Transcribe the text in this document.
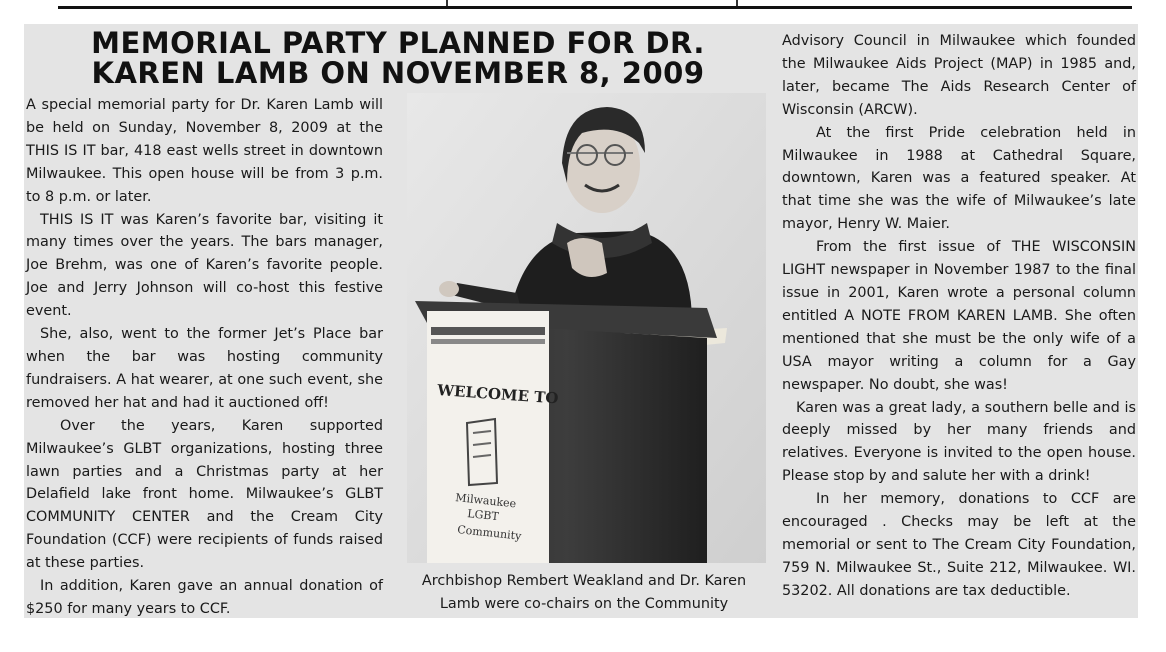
MEMORIAL PARTY PLANNED FOR DR.
KAREN LAMB ON NOVEMBER 8, 2009

A special memorial party for Dr. Karen Lamb will be held on Sunday, November 8, 2009 at the THIS IS IT bar, 418 east wells street in downtown Milwaukee. This open house will be from 3 p.m. to 8 p.m. or later.

THIS IS IT was Karen’s favorite bar, visiting it many times over the years. The bars manager, Joe Brehm, was one of Karen’s favorite people. Joe and Jerry Johnson will co-host this festive event.

She, also, went to the former Jet’s Place bar when the bar was hosting community fundraisers. A hat wearer, at one such event, she removed her hat and had it auctioned off!

Over the years, Karen supported Milwaukee’s GLBT organizations, hosting three lawn parties and a Christmas party at her Delafield lake front home. Milwaukee’s GLBT COMMUNITY CENTER and the Cream City Foundation (CCF) were recipients of funds raised at these parties.

In addition, Karen gave an annual donation of $250 for many years to CCF.

WELCOME TO
Milwaukee
LGBT
Community

Archbishop Rembert Weakland and Dr. Karen Lamb were co-chairs on the Community

Advisory Council in Milwaukee which founded the Milwaukee Aids Project (MAP) in 1985 and, later, became The Aids Research Center of Wisconsin (ARCW).

At the first Pride celebration held in Milwaukee in 1988 at Cathedral Square, downtown, Karen was a featured speaker. At that time she was the wife of Milwaukee’s late mayor, Henry W. Maier.

From the first issue of THE WISCONSIN LIGHT newspaper in November 1987 to the final issue in 2001, Karen wrote a personal column entitled A NOTE FROM KAREN LAMB. She often mentioned that she must be the only wife of a USA mayor writing a column for a Gay newspaper. No doubt, she was!

Karen was a great lady, a southern belle and is deeply missed by her many friends and relatives. Everyone is invited to the open house. Please stop by and salute her with a drink!

In her memory, donations to CCF are encouraged . Checks may be left at the memorial or sent to The Cream City Foundation, 759 N. Milwaukee St., Suite 212, Milwaukee. WI. 53202. All donations are tax deductible.
